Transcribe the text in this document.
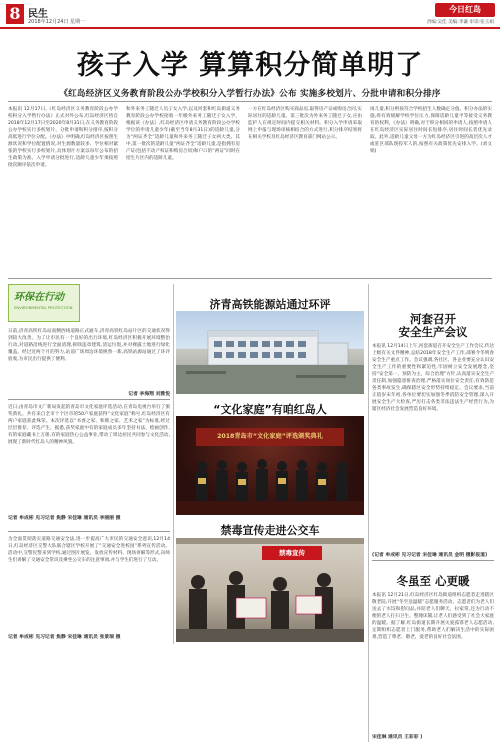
8 民生
2018年12月24日 星期一
今日红岛
责编:吴佳 美编:李谦 审读:张玉娟
孩子入学 算算积分简单明了
《红岛经济区义务教育阶段公办学校积分入学暂行办法》公布 实施多校划片、分批申请和积分排序
本报讯 12月17日,《红岛经济区义务教育阶段公办学校积分入学暂行办法》正式对外公布,红岛经济区将自2018年12月17日至2020年8月31日,在义务教育阶段公办学校实行多校划片、分批申请和积分排序,按积分高低进行学位分配。《办法》中明确,红岛经济区按照生源状况和学位配置情况,对生源数量较多、学位相对紧张的学校实行多校划片,具体划片方案以每年公布的招生政策为准。入学申请分批进行,适龄儿童少年须按照批次顺序依次申请。
和外来务工随迁人员子女入学,以及河套和红岛街道义务教育阶段公办学校招收一年级外来务工随迁子女入学。根据该《办法》,红岛经济区申请义务教育阶段公办学校学位的申请儿童少年(截至当年8月31日)的适龄儿童,分为“两证齐全”适龄儿童和外来务工随迁子女两大类。其中,第一批次的适龄儿童“两证齐全”适龄儿童,是指拥有房产证(包括不动产权证和购房合同)和户口的“两证”同时在招生片区内的适龄儿童。
一方在红岛经济区购买商品房,取得房产证或购房合同,实际居住的适龄儿童。第三批次为外来务工随迁子女,应由监护人在规定时间内提交相关材料。积分入学申请采取网上申报与现场审核相结合的方式进行,积分排序结果将在相关学校及红岛经济区教育部门网站公示。
岗儿童,积分则按符合学校招生人数确定分值。积分办法的实施,将有效缓解学校学位压力,保障适龄儿童平等接受义务教育的权利。《办法》明确,对于积分相同的申请人,按照申请人在红岛经济区实际居住时间长短排序,居住时间长者优先录取。此外,适龄儿童父母一方为红岛经济区引进的高层次人才或驻区部队现役军人的,按照有关政策优先安排入学。(刘文娟)
环保在行动
ENVIRONMENTAL PROTECTION
日前,济青高铁红岛站南侧西线道路正式通车,济青高铁红岛站片区的交通状况得到较大改善。为了让市民有一个良好的出行环境,红岛经济区积极开展环境整治行动,对道路沿线进行全面清理,拆除违章建筑,清运垃圾,并对裸露土地进行绿化覆盖。经过近两个月的努力,站前广场周边环境焕然一新,高铁站源站通过了环评验收,为市民出行提供了便利。
记者 李海翔 刘雅悦
近日,由青岛市文广新局发起的青岛市文化家庭评选活动,在青岛电视台举行了颁奖典礼。共有来自全市十个区市的50户家庭获得“文化家庭”称号,红岛经济区有两户家庭获此殊荣。本次评选以“书香之家、和睦之家、艺术之家”为标准,经过层层推荐、评选产生。据悉,获奖家庭中有的家庭成员多年坚持书法、绘画创作,有的家庭藏书上万册,有的家庭热心公益事业,带动了周边居民共同参与文化活动,展现了新时代红岛人的精神风貌。
记者 牟成彬 见习记者 焦静 宋佳琳 通讯员 李丽丽 摄
为全面贯彻落实道路交通安全法,进一步提高广大市民的交通安全意识,12月14日,红岛经济区交警大队联合辖区学校开展了“交通安全进校园”系列宣传活动。活动中,交警民警来到学校,通过图片展览、发放宣传材料、现场讲解等形式,向师生们讲解了交通安全常识及乘坐公交车的注意事项,并与学生们进行了互动。
记者 牟成彬 见习记者 焦静 宋佳琳 通讯员 张景瑞 摄
济青高铁能源站通过环评
“文化家庭”有咱红岛人
2018青岛市“文化家庭”评选颁奖典礼
禁毒宣传走进公交车
禁毒宣传
河套召开
安全生产会议
本报讯 12月14日上午,河套街道召开安全生产工作会议,传达上级有关文件精神,总结2018年安全生产工作,部署今冬明春安全生产重点工作。会议强调,各社区、各企业要充分认识安全生产工作的重要性和紧迫性,牢固树立安全发展理念,坚持“安全第一、预防为主、综合治理”方针,认真落实安全生产责任制,加强隐患排查治理,严格落实岗位安全责任,有效防范各类事故发生,确保辖区安全形势持续稳定。会议要求,当前正值岁末年初,各单位要切实加强冬季消防安全管理,深入开展安全生产大检查,严厉打击各类非法违法生产经营行为,为辖区经济社会发展营造良好环境。
(记者 牟成彬 见习记者 宋佳琳 通讯员 金明 摄影报道)
冬虽至 心更暖
本报讯 12月21日,红岛经济区红岛街道组织志愿者走进辖区敬老院,开展“冬至送温暖”志愿服务活动。志愿者们为老人们送去了水饺和慰问品,并陪老人们聊天、拉家常,还为行动不便的老人打扫卫生、整理床铺,让老人们感受到了社会大家庭的温暖。据了解,红岛街道长期开展关爱孤寡老人志愿活动,定期组织志愿者上门服务,帮助老人们解决生活中的实际困难,营造了尊老、敬老、爱老的良好社会氛围。
宋佳琳 通讯员 王彩彩 )
